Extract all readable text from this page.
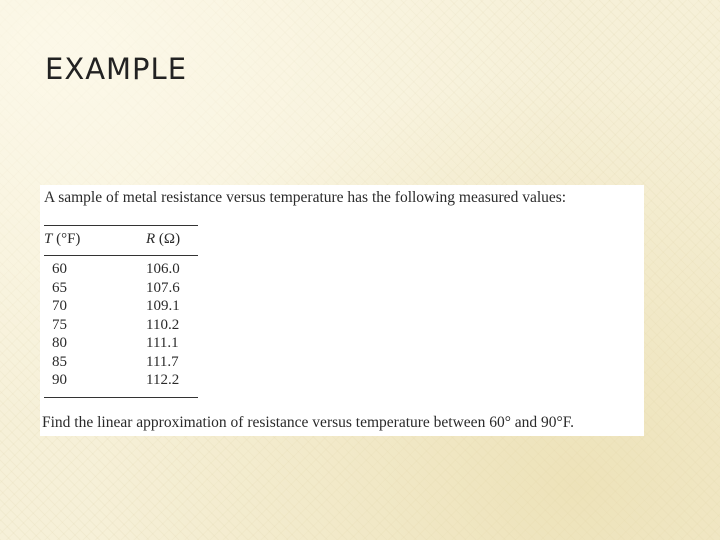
EXAMPLE
A sample of metal resistance versus temperature has the following measured values:
T (°F)	R (Ω)
60	106.0
65	107.6
70	109.1
75	110.2
80	111.1
85	111.7
90	112.2
Find the linear approximation of resistance versus temperature between 60° and 90°F.
